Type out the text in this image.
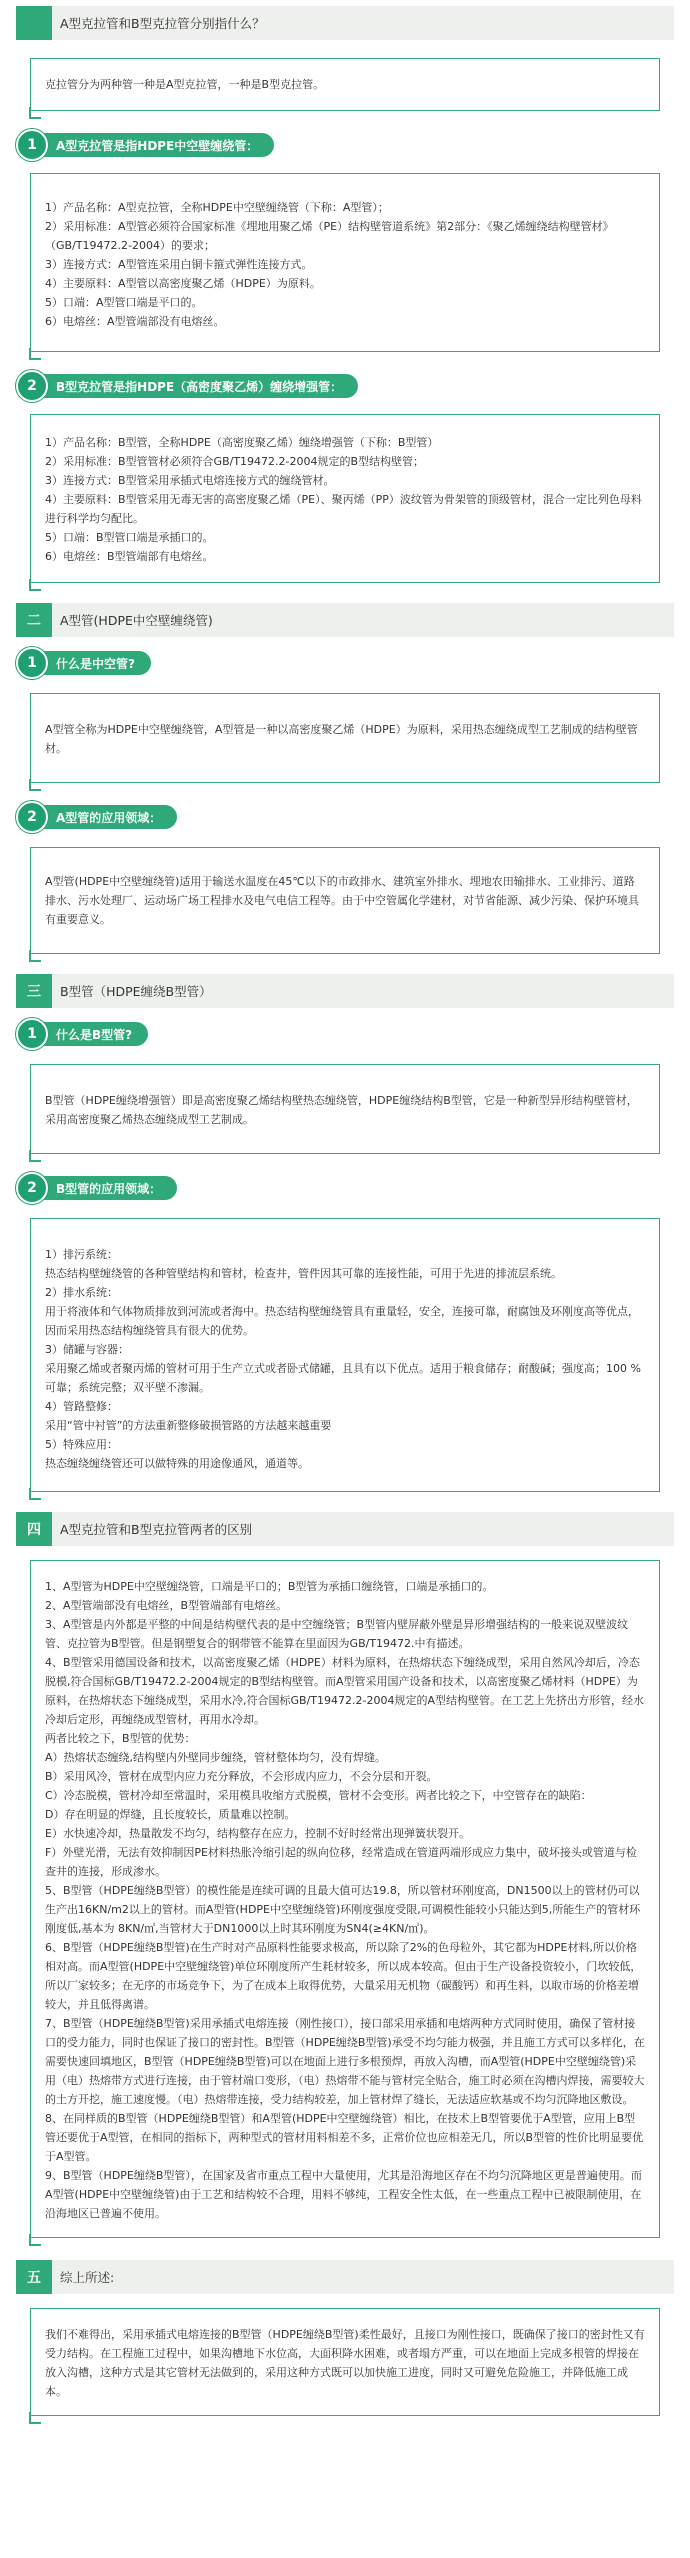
A型克拉管和B型克拉管分别指什么？
克拉管分为两种管一种是A型克拉管，一种是B型克拉管。
1	A型克拉管是指HDPE中空壁缠绕管：
1）产品名称：A型克拉管，全称HDPE中空壁缠绕管（下称：A型管）；
2）采用标准：A型管必须符合国家标准《埋地用聚乙烯（PE）结构壁管道系统》第2部分：《聚乙烯缠绕结构壁管材》（GB/T19472.2-2004）的要求；
3）连接方式：A型管连采用白铜卡箍式弹性连接方式。
4）主要原料：A型管以高密度聚乙烯（HDPE）为原料。
5）口端：A型管口端是平口的。
6）电熔丝：A型管端部没有电熔丝。
2	B型克拉管是指HDPE（高密度聚乙烯）缠绕增强管：
1）产品名称：B型管，全称HDPE（高密度聚乙烯）缠绕增强管（下称：B型管）
2）采用标准：B型管管材必须符合GB/T19472.2-2004规定的B型结构壁管；
3）连接方式：B型管采用承插式电熔连接方式的缠绕管材。
4）主要原料：B型管采用无毒无害的高密度聚乙烯（PE）、聚丙烯（PP）波纹管为骨架管的顶级管材，混合一定比列色母料进行科学均匀配比。
5）口端：B型管口端是承插口的。
6）电熔丝：B型管端部有电熔丝。
二	A型管(HDPE中空壁缠绕管)
1	什么是中空管?
A型管全称为HDPE中空壁缠绕管，A型管是一种以高密度聚乙烯（HDPE）为原料，采用热态缠绕成型工艺制成的结构壁管材。
2	A型管的应用领域：
A型管(HDPE中空壁缠绕管)适用于输送水温度在45℃以下的市政排水、建筑室外排水、埋地农田输排水、工业排污、道路排水、污水处理厂、运动场广场工程排水及电气电信工程等。由于中空管属化学建材，对节省能源、减少污染、保护环境具有重要意义。
三	B型管（HDPE缠绕B型管）
1	什么是B型管?
B型管（HDPE缠绕增强管）即是高密度聚乙烯结构壁热态缠绕管，HDPE缠绕结构B型管，它是一种新型异形结构壁管材，采用高密度聚乙烯热态缠绕成型工艺制成。
2	B型管的应用领域：
1）排污系统：
热态结构壁缠绕管的各种管壁结构和管材，检查井，管件因其可靠的连接性能，可用于先进的排流层系统。
2）排水系统：
用于将液体和气体物质排放到河流或者海中。热态结构壁缠绕管具有重量轻，安全，连接可靠，耐腐蚀及环刚度高等优点，因而采用热态结构缠绕管具有很大的优势。
3）储罐与容器：
采用聚乙烯或者聚丙烯的管材可用于生产立式或者卧式储罐，且具有以下优点。适用于粮食储存；耐酸碱；强度高；100 % 可靠；系统完整；双平壁不渗漏。
4）管路整修：
采用“管中衬管”的方法重新整修破损管路的方法越来越重要
5）特殊应用：
热态缠绕缠绕管还可以做特殊的用途像通风，通道等。
四	A型克拉管和B型克拉管两者的区别
1、A型管为HDPE中空壁缠绕管，口端是平口的；B型管为承插口缠绕管，口端是承插口的。
2、A型管端部没有电熔丝，B型管端部有电熔丝。
3、A型管是内外都是平整的中间是结构壁代表的是中空缠绕管；B型管内壁屏蔽外壁是异形增强结构的一般来说双壁波纹管、克拉管为B型管。但是钢塑复合的钢带管不能算在里面因为GB/T19472.中有描述。
4、B型管采用德国设备和技术，以高密度聚乙烯（HDPE）材料为原料，在热熔状态下缠绕成型，采用自然风冷却后，冷态脱模,符合国标GB/T19472.2-2004规定的B型结构壁管。而A型管采用国产设备和技术，以高密度聚乙烯材料（HDPE）为原料，在热熔状态下缠绕成型，采用水冷,符合国标GB/T19472.2-2004规定的A型结构壁管。在工艺上先挤出方形管，经水冷却后定形，再缠绕成型管材，再用水冷却。
两者比较之下，B型管的优势：
A）热熔状态缠绕,结构壁内外壁同步缠绕，管材整体均匀，没有焊缝。
B）采用风冷，管材在成型内应力充分释放，不会形成内应力，不会分层和开裂。
C）冷态脱模，管材冷却至常温时，采用模具收缩方式脱模，管材不会变形。两者比较之下，中空管存在的缺陷：
D）存在明显的焊缝，且长度较长，质量难以控制。
E）水快速冷却，热量散发不均匀，结构整存在应力，控制不好时经常出现弹簧状裂开。
F）外壁光滑，无法有效抑制因PE材料热胀冷缩引起的纵向位移，经常造成在管道两端形成应力集中，破坏接头或管道与检查井的连接，形成渗水。
5、B型管（HDPE缠绕B型管）的模性能是连续可调的且最大值可达19.8，所以管材环刚度高，DN1500以上的管材仍可以生产出16KN/m2以上的管材。而A型管(HDPE中空壁缠绕管)环刚度强度受限,可调模性能较小只能达到5,所能生产的管材环刚度低,基本为 8KN/㎡,当管材大于DN1000以上时其环刚度为SN4(≥4KN/㎡)。
6、B型管（HDPE缠绕B型管)在生产时对产品原料性能要求极高，所以除了2%的色母粒外，其它都为HDPE材料,所以价格相对高。而A型管(HDPE中空壁缠绕管)单位环刚度所产生耗材较多，所以成本较高。但由于生产设备投资较小，门坎较低，所以厂家较多；在无序的市场竞争下，为了在成本上取得优势，大量采用无机物（碳酸钙）和再生料，以取市场的价格差增较大，并且低得离谱。
7、B型管（HDPE缠绕B型管)采用承插式电熔连接（刚性接口），接口部采用承插和电熔两种方式同时使用，确保了管材接口的受力能力，同时也保证了接口的密封性。B型管（HDPE缠绕B型管)承受不均匀能力极强，并且施工方式可以多样化，在需要快速回填地区，B型管（HDPE缠绕B型管)可以在地面上进行多根预焊，再放入沟槽，而A型管(HDPE中空壁缠绕管)采用（电）热熔带方式进行连接，由于管材端口变形，（电）热熔带不能与管材完全贴合，施工时必须在沟槽内焊接，需要较大的土方开挖，施工速度慢。（电）热熔带连接，受力结构较差，加上管材焊了缝长，无法适应软基或不均匀沉降地区敷设。
8、在同样质的B型管（HDPE缠绕B型管）和A型管(HDPE中空壁缠绕管）相比，在技术上B型管要优于A型管，应用上B型管还要优于A型管，在相同的指标下，两种型式的管材用料相差不多，正常价位也应相差无几，所以B型管的性价比明显要优于A型管。
9、B型管（HDPE缠绕B型管），在国家及省市重点工程中大量使用，尤其是沿海地区存在不均匀沉降地区更是普遍使用。而A型管(HDPE中空壁缠绕管)由于工艺和结构较不合理，用料不够纯，工程安全性太低，在一些重点工程中已被限制使用，在沿海地区已普遍不使用。
五	综上所述:
我们不难得出，采用承插式电熔连接的B型管（HDPE缠绕B型管)柔性最好，且接口为刚性接口，既确保了接口的密封性又有受力结构。在工程施工过程中，如果沟槽地下水位高，大面积降水困难，或者塌方严重，可以在地面上完成多根管的焊接在放入沟槽，这种方式是其它管材无法做到的，采用这种方式既可以加快施工进度，同时又可避免危险施工，并降低施工成本。
